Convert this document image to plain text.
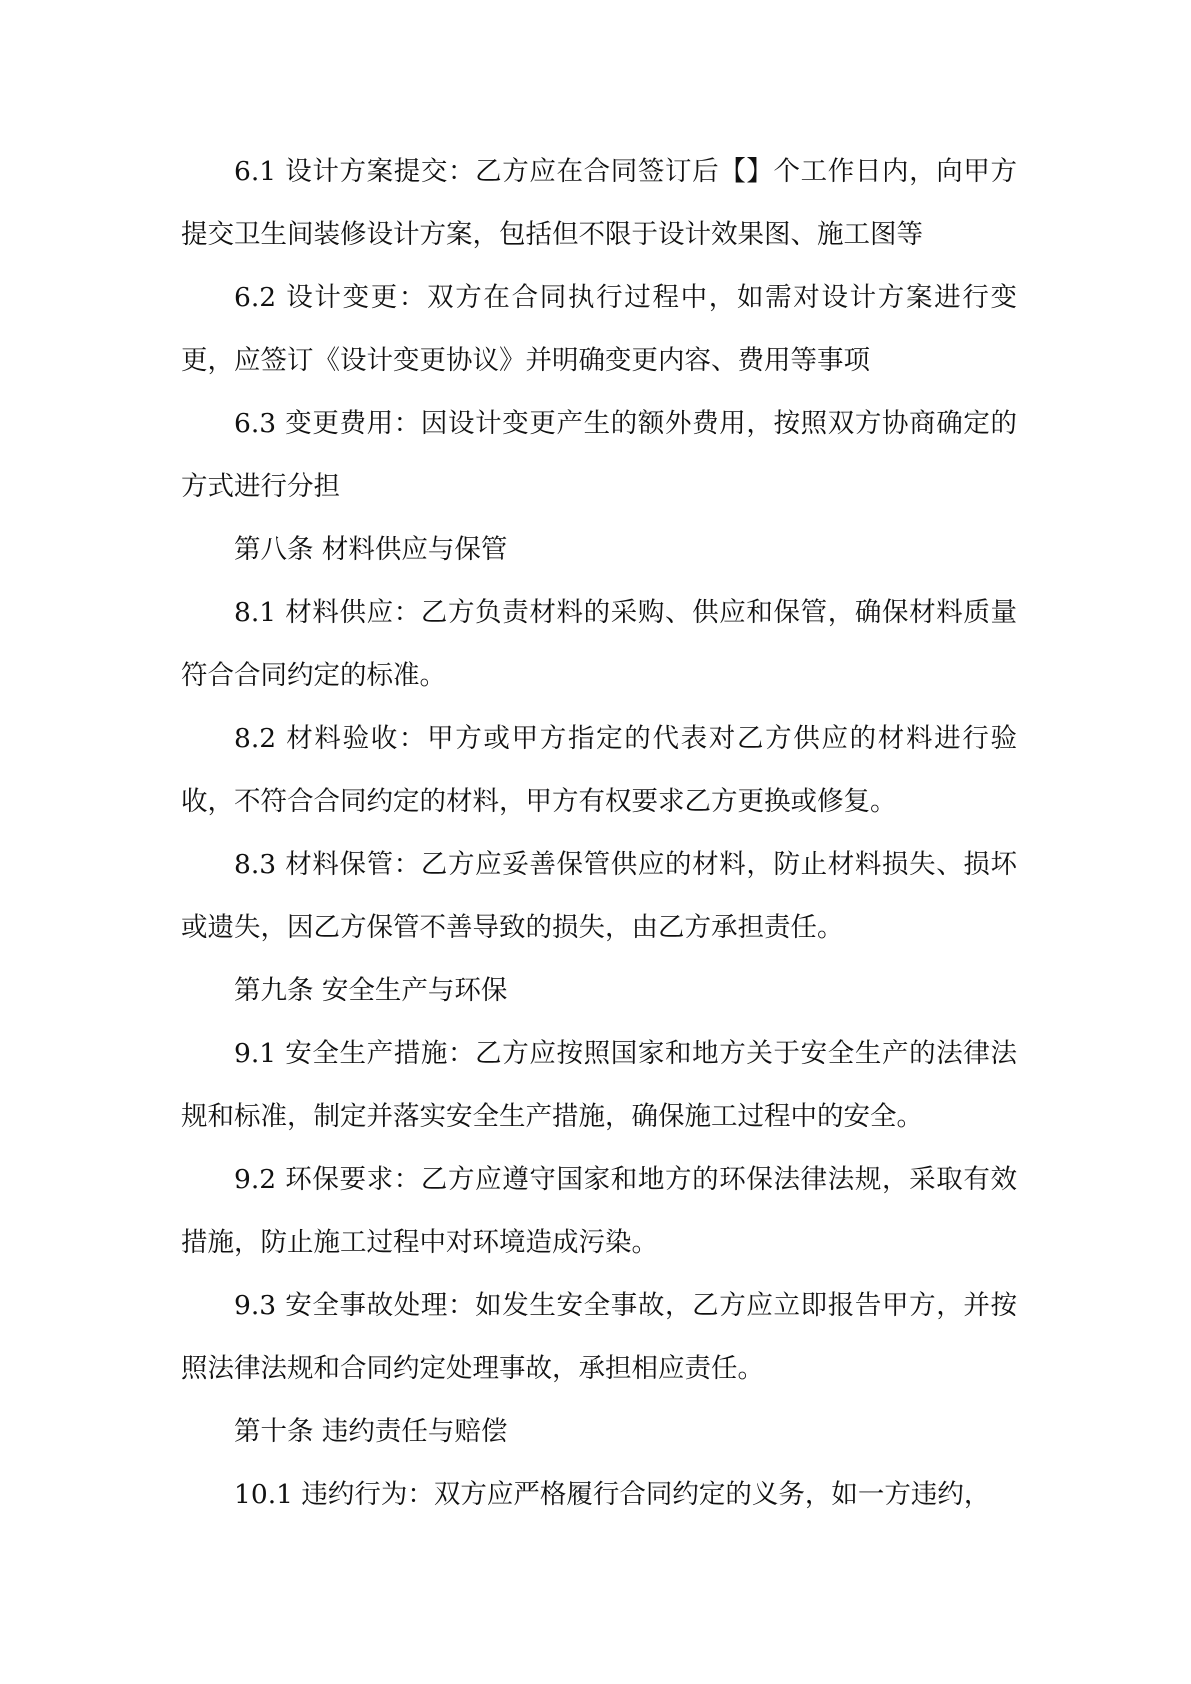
6.1 设计方案提交：乙方应在合同签订后【】个工作日内，向甲方提交卫生间装修设计方案，包括但不限于设计效果图、施工图等

6.2 设计变更：双方在合同执行过程中，如需对设计方案进行变更，应签订《设计变更协议》并明确变更内容、费用等事项

6.3 变更费用：因设计变更产生的额外费用，按照双方协商确定的方式进行分担

第八条 材料供应与保管

8.1 材料供应：乙方负责材料的采购、供应和保管，确保材料质量符合合同约定的标准。

8.2 材料验收：甲方或甲方指定的代表对乙方供应的材料进行验收，不符合合同约定的材料，甲方有权要求乙方更换或修复。

8.3 材料保管：乙方应妥善保管供应的材料，防止材料损失、损坏或遗失，因乙方保管不善导致的损失，由乙方承担责任。

第九条 安全生产与环保

9.1 安全生产措施：乙方应按照国家和地方关于安全生产的法律法规和标准，制定并落实安全生产措施，确保施工过程中的安全。

9.2 环保要求：乙方应遵守国家和地方的环保法律法规，采取有效措施，防止施工过程中对环境造成污染。

9.3 安全事故处理：如发生安全事故，乙方应立即报告甲方，并按照法律法规和合同约定处理事故，承担相应责任。

第十条 违约责任与赔偿

10.1 违约行为：双方应严格履行合同约定的义务，如一方违约，
